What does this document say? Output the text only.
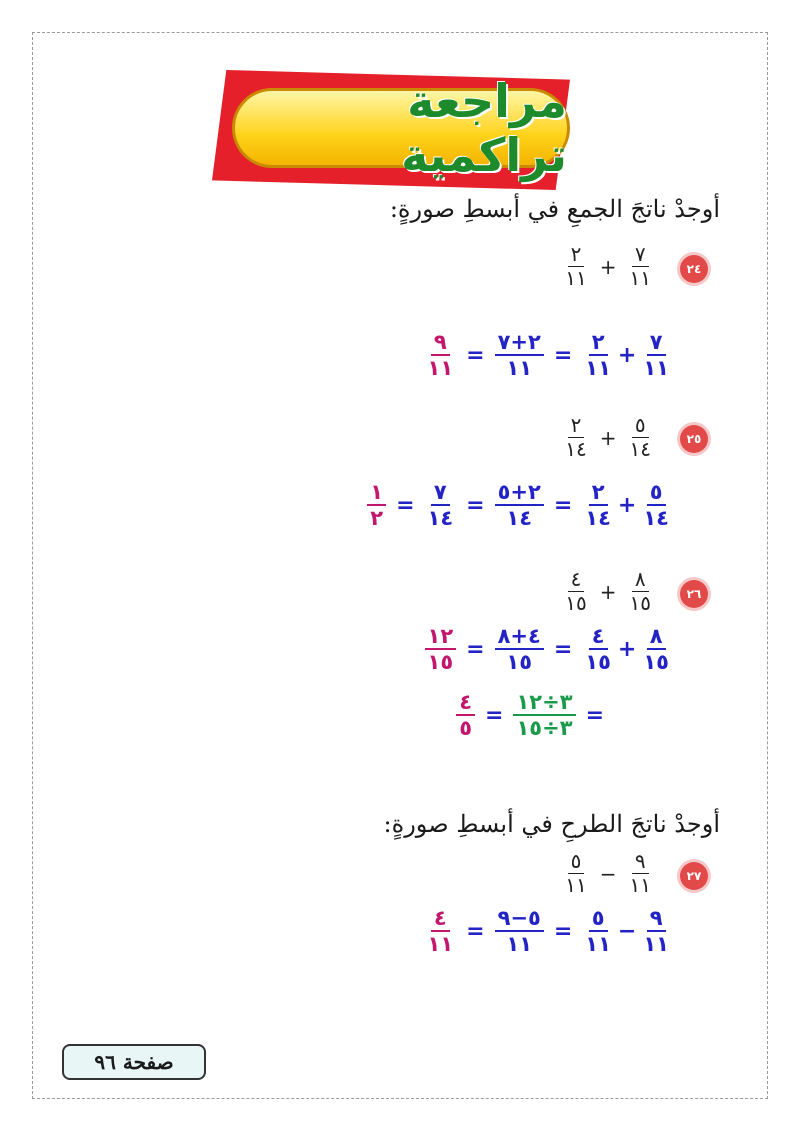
مراجعة تراكمية
أوجدْ ناتجَ الجمعِ في أبسطِ صورةٍ:
٢٤
$\frac{٧}{١١}$
+
$\frac{٢}{١١}$
$\frac{٧}{١١}$
+
$\frac{٢}{١١}$
=
$\frac{٢+٧}{١١}$
=
$\frac{٩}{١١}$
٢٥
$\frac{٥}{١٤}$
+
$\frac{٢}{١٤}$
$\frac{٥}{١٤}$
+
$\frac{٢}{١٤}$
=
$\frac{٢+٥}{١٤}$
=
$\frac{٧}{١٤}$
=
$\frac{١}{٢}$
٢٦
$\frac{٨}{١٥}$
+
$\frac{٤}{١٥}$
$\frac{٨}{١٥}$
+
$\frac{٤}{١٥}$
=
$\frac{٤+٨}{١٥}$
=
$\frac{١٢}{١٥}$
=
$\frac{٣\div ١٢}{٣\div ١٥}$
=
$\frac{٤}{٥}$
أوجدْ ناتجَ الطرحِ في أبسطِ صورةٍ:
٢٧
$\frac{٩}{١١}$
−
$\frac{٥}{١١}$
$\frac{٩}{١١}$
−
$\frac{٥}{١١}$
=
$\frac{٥-٩}{١١}$
=
$\frac{٤}{١١}$
صفحة ٩٦
